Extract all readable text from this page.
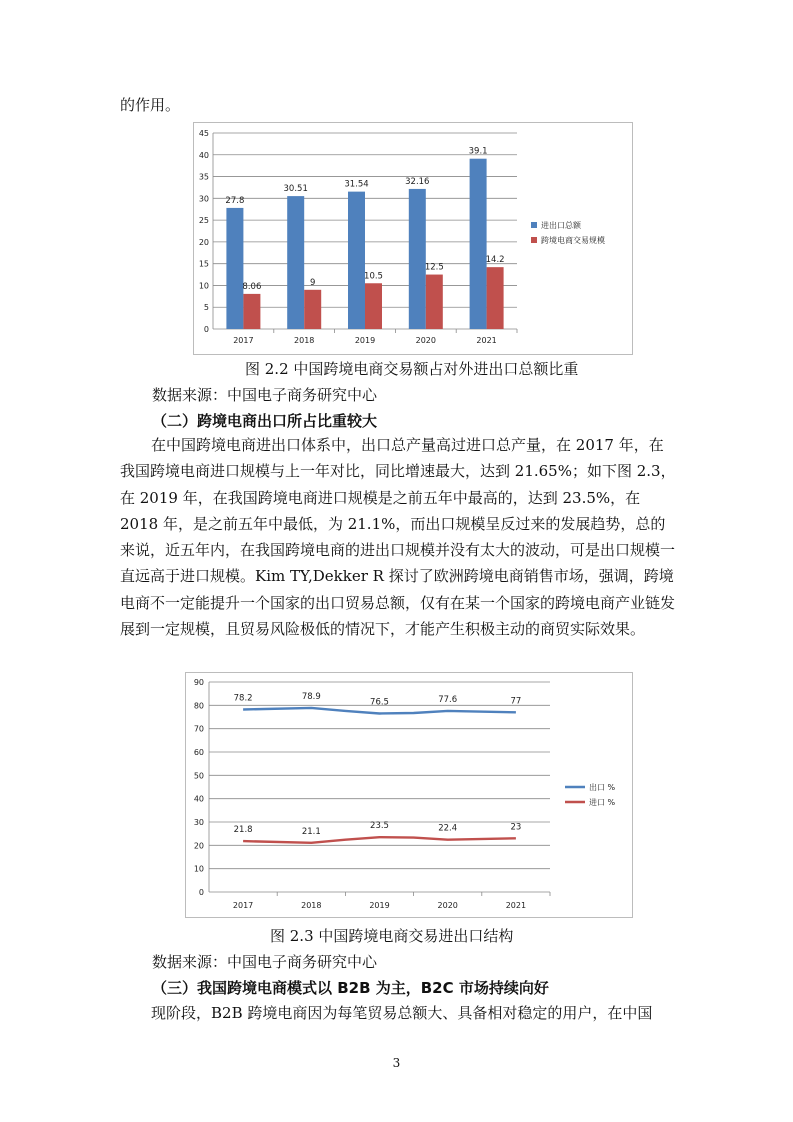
的作用。

0
5
10
15
20
25
30
35
40
45
2017
27.8
8.06
2018
30.51
9
2019
31.54
10.5
2020
32.16
12.5
2021
39.1
14.2
进出口总额
跨境电商交易规模
图 2.2 中国跨境电商交易额占对外进出口总额比重
数据来源：中国电子商务研究中心
（二）跨境电商出口所占比重较大

在中国跨境电商进出口体系中，出口总产量高过进口总产量，在 2017 年，在我国跨境电商进口规模与上一年对比，同比增速最大，达到 21.65%；如下图 2.3，在 2019 年，在我国跨境电商进口规模是之前五年中最高的，达到 23.5%，在 2018 年，是之前五年中最低，为 21.1%，而出口规模呈反过来的发展趋势，总的来说，近五年内，在我国跨境电商的进出口规模并没有太大的波动，可是出口规模一直远高于进口规模。Kim TY,Dekker R 探讨了欧洲跨境电商销售市场，强调，跨境电商不一定能提升一个国家的出口贸易总额，仅有在某一个国家的跨境电商产业链发展到一定规模，且贸易风险极低的情况下，才能产生积极主动的商贸实际效果。

0
10
20
30
40
50
60
70
80
90
2017	2018	2019	2020	2021
78.2	78.9
76.5	77.6	77
21.8	21.1
23.5	22.4	23
出口 %
进口 %
图 2.3 中国跨境电商交易进出口结构
数据来源：中国电子商务研究中心
（三）我国跨境电商模式以 B2B 为主，B2C 市场持续向好

现阶段，B2B 跨境电商因为每笔贸易总额大、具备相对稳定的用户，在中国

3
